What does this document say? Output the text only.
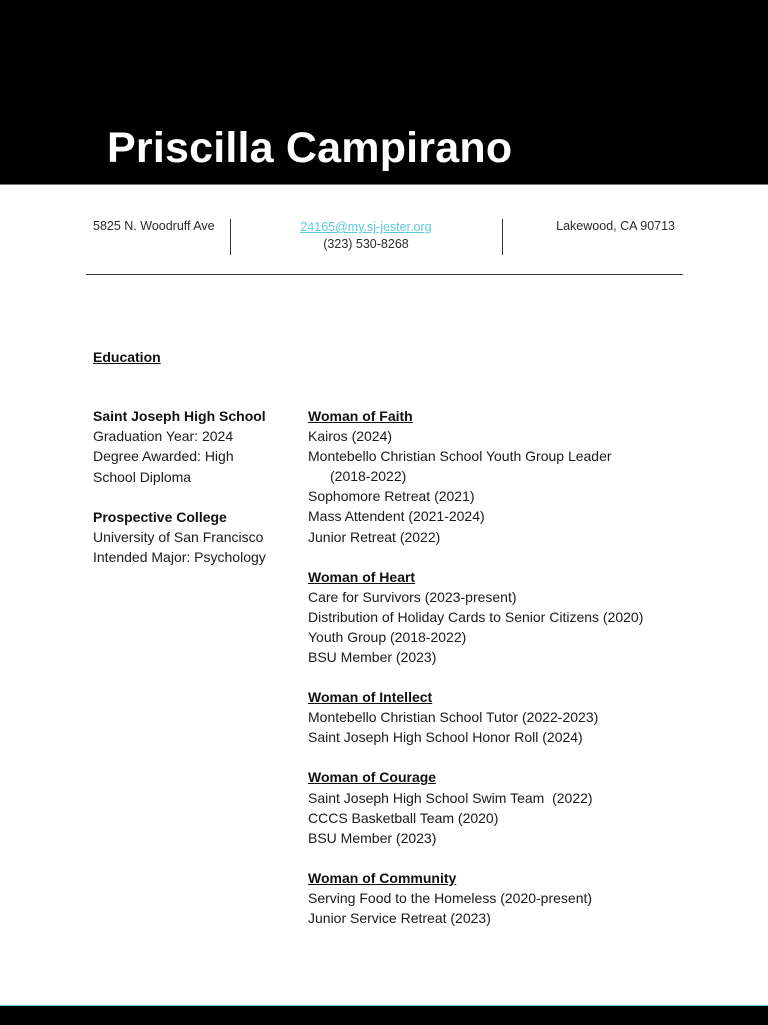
Priscilla Campirano
5825 N. Woodruff Ave	24165@my.sj-jester.org
(323) 530-8268
Lakewood, CA 90713
Education
Saint Joseph High School
Graduation Year: 2024
Degree Awarded: High
School Diploma
Prospective College
University of San Francisco
Intended Major: Psychology
Woman of Faith
Kairos (2024)
Montebello Christian School Youth Group Leader
(2018-2022)
Sophomore Retreat (2021)
Mass Attendent (2021-2024)
Junior Retreat (2022)
Woman of Heart
Care for Survivors (2023-present)
Distribution of Holiday Cards to Senior Citizens (2020)
Youth Group (2018-2022)
BSU Member (2023)
Woman of Intellect
Montebello Christian School Tutor (2022-2023)
Saint Joseph High School Honor Roll (2024)
Woman of Courage
Saint Joseph High School Swim Team  (2022)
CCCS Basketball Team (2020)
BSU Member (2023)
Woman of Community
Serving Food to the Homeless (2020-present)
Junior Service Retreat (2023)
